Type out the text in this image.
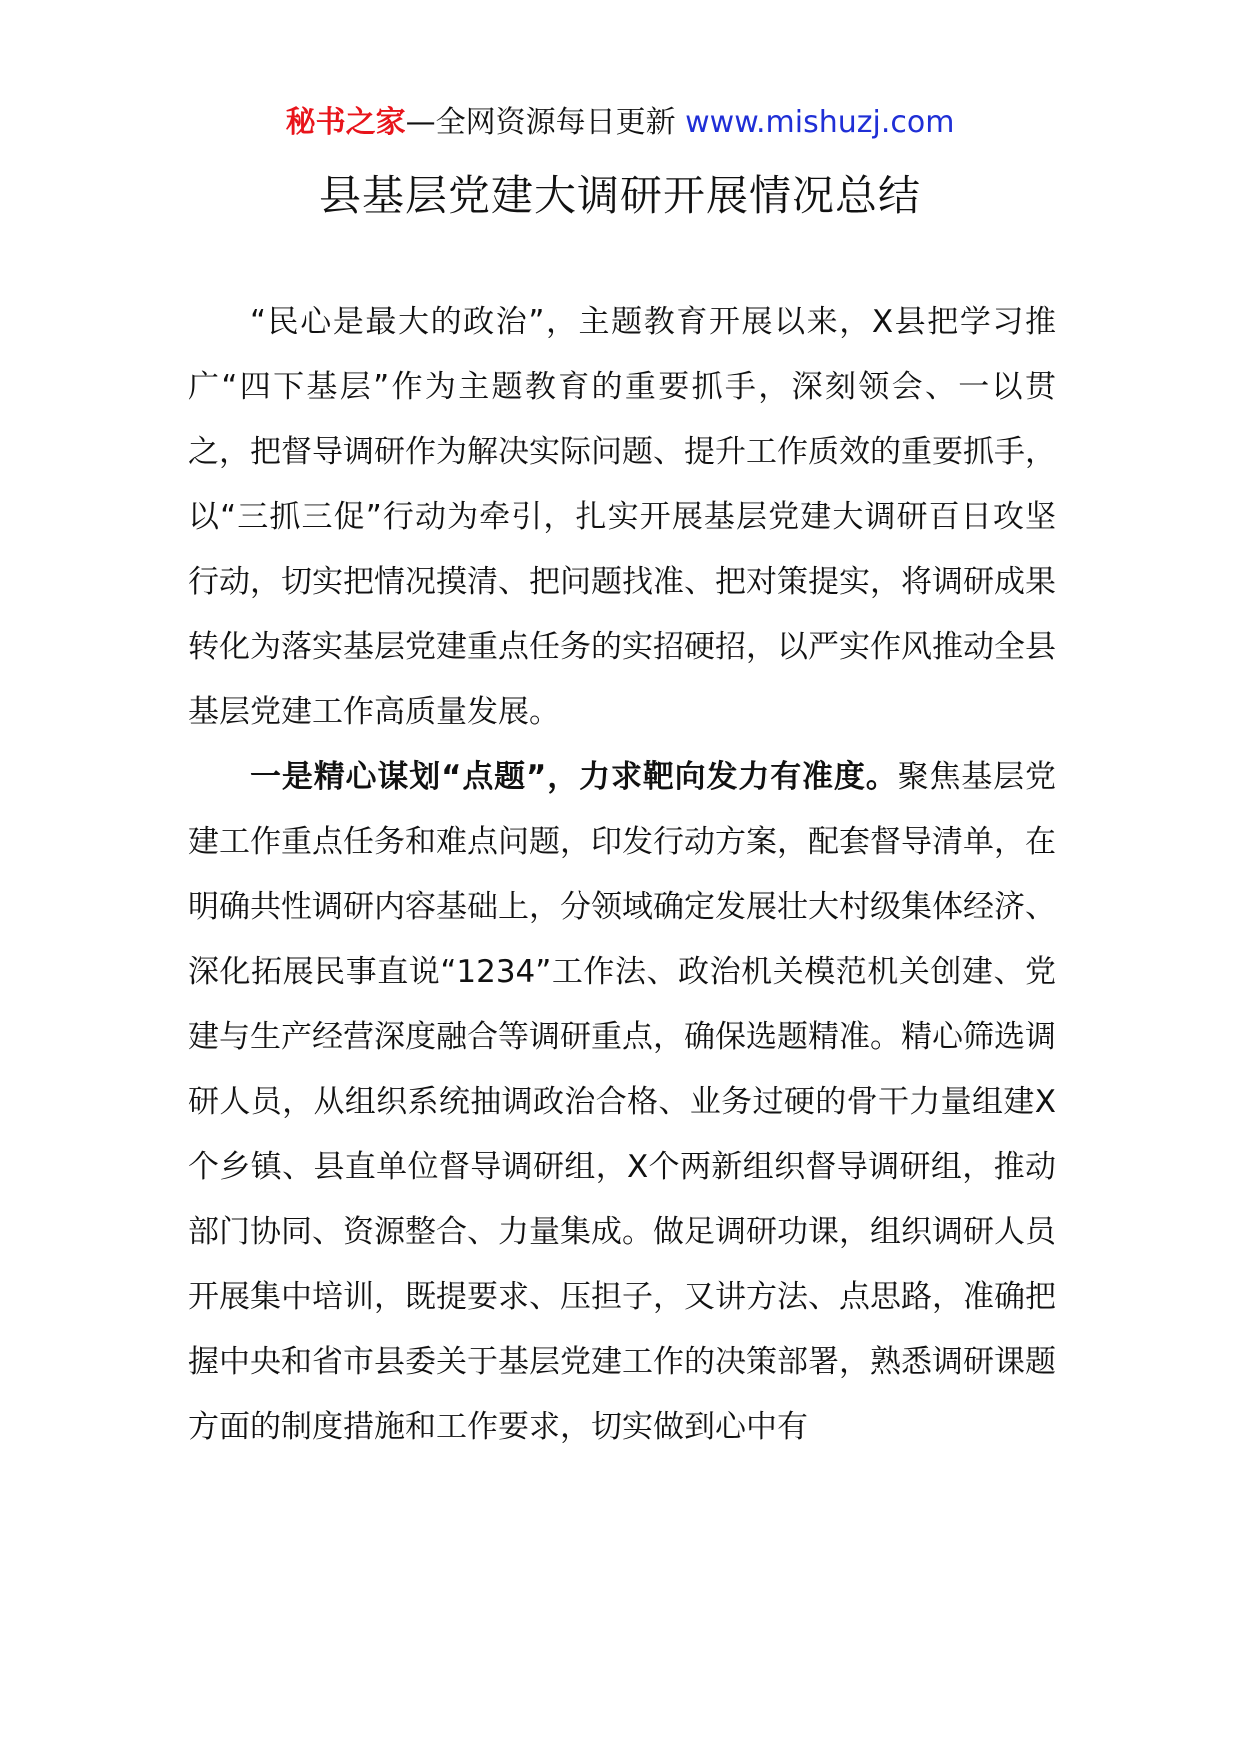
秘书之家—全网资源每日更新 www.mishuzj.com
县基层党建大调研开展情况总结

“民心是最大的政治”，主题教育开展以来，X县把学习推广“四下基层”作为主题教育的重要抓手，深刻领会、一以贯之，把督导调研作为解决实际问题、提升工作质效的重要抓手，以“三抓三促”行动为牵引，扎实开展基层党建大调研百日攻坚行动，切实把情况摸清、把问题找准、把对策提实，将调研成果转化为落实基层党建重点任务的实招硬招，以严实作风推动全县基层党建工作高质量发展。

一是精心谋划“点题”，力求靶向发力有准度。聚焦基层党建工作重点任务和难点问题，印发行动方案，配套督导清单，在明确共性调研内容基础上，分领域确定发展壮大村级集体经济、深化拓展民事直说“1234”工作法、政治机关模范机关创建、党建与生产经营深度融合等调研重点，确保选题精准。精心筛选调研人员，从组织系统抽调政治合格、业务过硬的骨干力量组建X个乡镇、县直单位督导调研组，X个两新组织督导调研组，推动部门协同、资源整合、力量集成。做足调研功课，组织调研人员开展集中培训，既提要求、压担子，又讲方法、点思路，准确把握中央和省市县委关于基层党建工作的决策部署，熟悉调研课题方面的制度措施和工作要求，切实做到心中有
